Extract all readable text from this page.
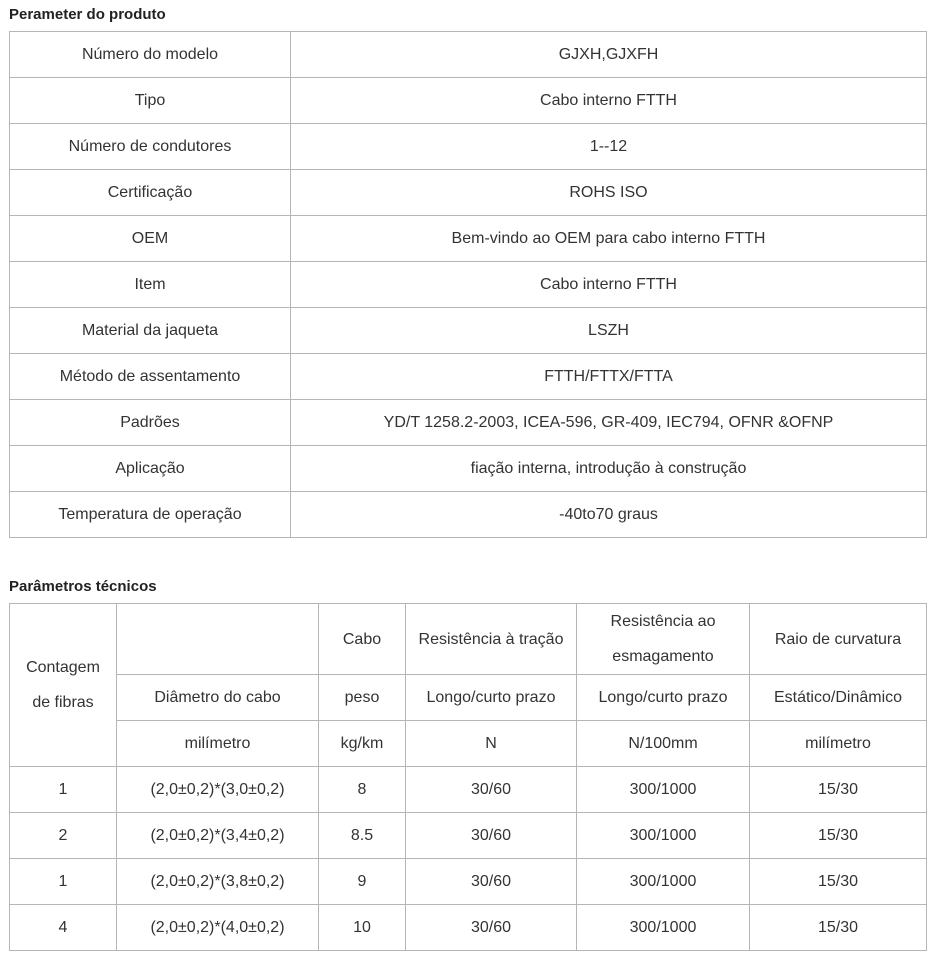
Perameter do produto
Número do modelo	GJXH,GJXFH
Tipo	Cabo interno FTTH
Número de condutores	1--12
Certificação	ROHS ISO
OEM	Bem-vindo ao OEM para cabo interno FTTH
Item	Cabo interno FTTH
Material da jaqueta	LSZH
Método de assentamento	FTTH/FTTX/FTTA
Padrões	YD/T 1258.2-2003, ICEA-596, GR-409, IEC794, OFNR &OFNP
Aplicação	fiação interna, introdução à construção
Temperatura de operação	-40to70 graus
Parâmetros técnicos
Contagem de fibras		Cabo	Resistência à tração	Resistência ao esmagamento	Raio de curvatura
	Diâmetro do cabo	peso	Longo/curto prazo	Longo/curto prazo	Estático/Dinâmico
	milímetro	kg/km	N	N/100mm	milímetro
1	(2,0±0,2)*(3,0±0,2)	8	30/60	300/1000	15/30
2	(2,0±0,2)*(3,4±0,2)	8.5	30/60	300/1000	15/30
1	(2,0±0,2)*(3,8±0,2)	9	30/60	300/1000	15/30
4	(2,0±0,2)*(4,0±0,2)	10	30/60	300/1000	15/30
